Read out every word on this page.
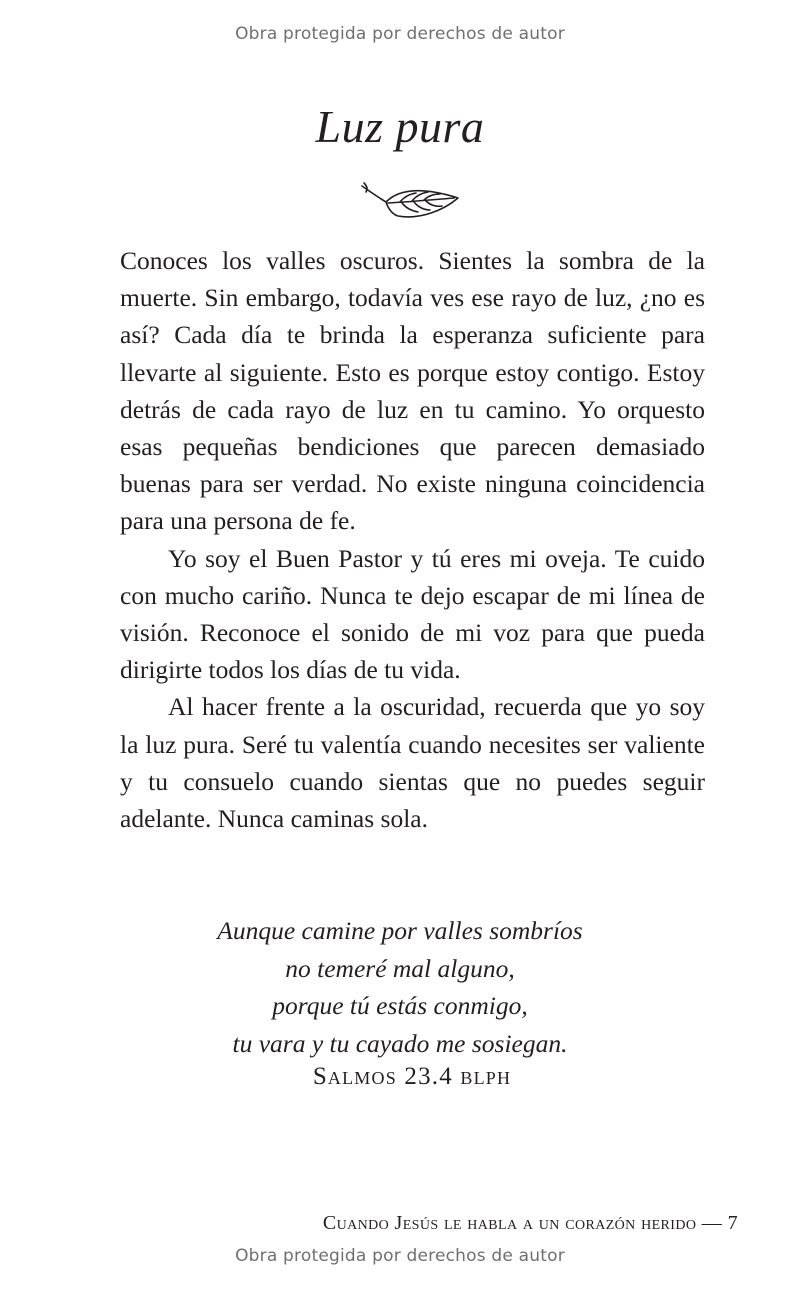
Obra protegida por derechos de autor
Luz pura

Conoces los valles oscuros. Sientes la sombra de la muerte. Sin embargo, todavía ves ese rayo de luz, ¿no es así? Cada día te brinda la esperanza suficiente para llevarte al siguiente. Esto es porque estoy contigo. Estoy detrás de cada rayo de luz en tu camino. Yo orquesto esas pequeñas bendiciones que parecen demasiado buenas para ser verdad. No existe ninguna coincidencia para una persona de fe.

Yo soy el Buen Pastor y tú eres mi oveja. Te cuido con mucho cariño. Nunca te dejo escapar de mi línea de visión. Reconoce el sonido de mi voz para que pueda dirigirte todos los días de tu vida.

Al hacer frente a la oscuridad, recuerda que yo soy la luz pura. Seré tu valentía cuando necesites ser valiente y tu consuelo cuando sientas que no puedes seguir adelante. Nunca caminas sola.

Aunque camine por valles sombríos
no temeré mal alguno,
porque tú estás conmigo,
tu vara y tu cayado me sosiegan.
Salmos 23.4 blph
Cuando Jesús le habla a un corazón herido — 7
Obra protegida por derechos de autor
